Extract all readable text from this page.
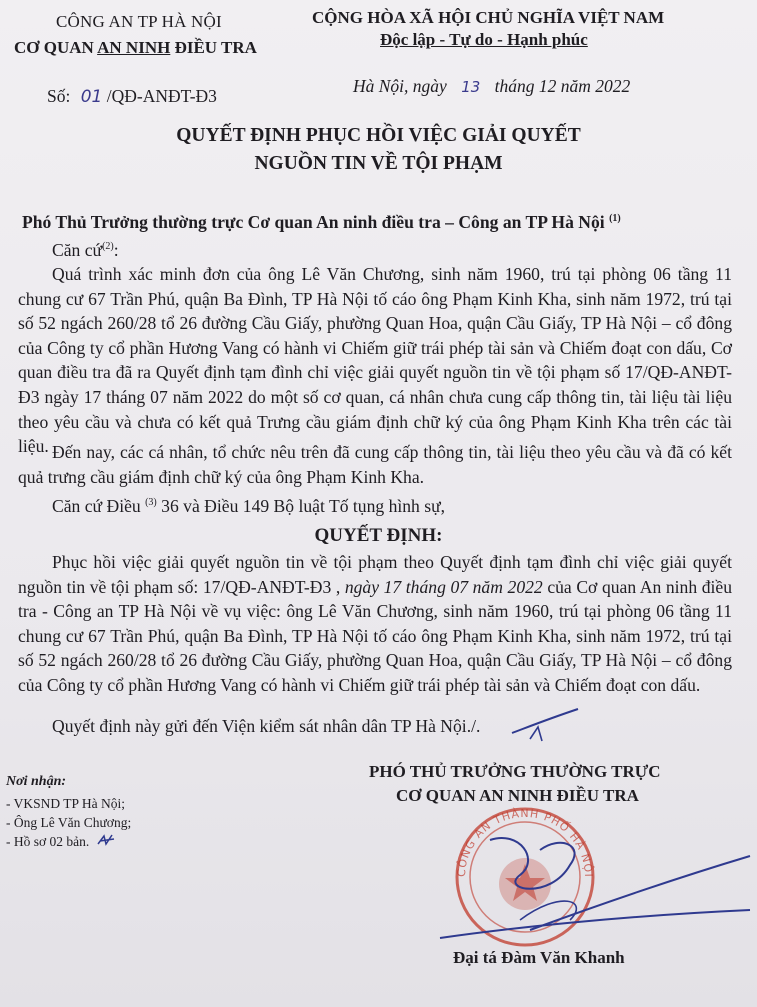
CÔNG AN TP HÀ NỘI
CƠ QUAN AN NINH ĐIỀU TRA
CỘNG HÒA XÃ HỘI CHỦ NGHĨA VIỆT NAM
Độc lập - Tự do - Hạnh phúc
Số: 01 /QĐ-ANĐT-Đ3	Hà Nội, ngày 13 tháng 12 năm 2022
QUYẾT ĐỊNH PHỤC HỒI VIỆC GIẢI QUYẾT
NGUỒN TIN VỀ TỘI PHẠM
Phó Thủ Trưởng thường trực Cơ quan An ninh điều tra – Công an TP Hà Nội $^{(1)}$
Căn cứ$^{(2)}$:
Quá trình xác minh đơn của ông Lê Văn Chương, sinh năm 1960, trú tại phòng 06 tầng 11 chung cư 67 Trần Phú, quận Ba Đình, TP Hà Nội tố cáo ông Phạm Kinh Kha, sinh năm 1972, trú tại số 52 ngách 260/28 tổ 26 đường Cầu Giấy, phường Quan Hoa, quận Cầu Giấy, TP Hà Nội – cổ đông của Công ty cổ phần Hương Vang có hành vi Chiếm giữ trái phép tài sản và Chiếm đoạt con dấu, Cơ quan điều tra đã ra Quyết định tạm đình chỉ việc giải quyết nguồn tin về tội phạm số 17/QĐ-ANĐT-Đ3 ngày 17 tháng 07 năm 2022 do một số cơ quan, cá nhân chưa cung cấp thông tin, tài liệu tài liệu theo yêu cầu và chưa có kết quả Trưng cầu giám định chữ ký của ông Phạm Kinh Kha trên các tài liệu. Đến nay, các cá nhân, tổ chức nêu trên đã cung cấp thông tin, tài liệu theo yêu cầu và đã có kết quả trưng cầu giám định chữ ký của ông Phạm Kinh Kha.
Căn cứ Điều $^{(3)}$ 36 và Điều 149 Bộ luật Tố tụng hình sự,
QUYẾT ĐỊNH:
Phục hồi việc giải quyết nguồn tin về tội phạm theo Quyết định tạm đình chỉ việc giải quyết nguồn tin về tội phạm số: 17/QĐ-ANĐT-Đ3 , ngày 17 tháng 07 năm 2022 của Cơ quan An ninh điều tra - Công an TP Hà Nội về vụ việc: ông Lê Văn Chương, sinh năm 1960, trú tại phòng 06 tầng 11 chung cư 67 Trần Phú, quận Ba Đình, TP Hà Nội tố cáo ông Phạm Kinh Kha, sinh năm 1972, trú tại số 52 ngách 260/28 tổ 26 đường Cầu Giấy, phường Quan Hoa, quận Cầu Giấy, TP Hà Nội – cổ đông của Công ty cổ phần Hương Vang có hành vi Chiếm giữ trái phép tài sản và Chiếm đoạt con dấu.
Quyết định này gửi đến Viện kiểm sát nhân dân TP Hà Nội./.
Nơi nhận:
- VKSND TP Hà Nội;
- Ông Lê Văn Chương;
- Hồ sơ 02 bản.
PHÓ THỦ TRƯỞNG THƯỜNG TRỰC
CƠ QUAN AN NINH ĐIỀU TRA
CÔNG AN THÀNH PHỐ HÀ NỘI
Đại tá Đàm Văn Khanh
